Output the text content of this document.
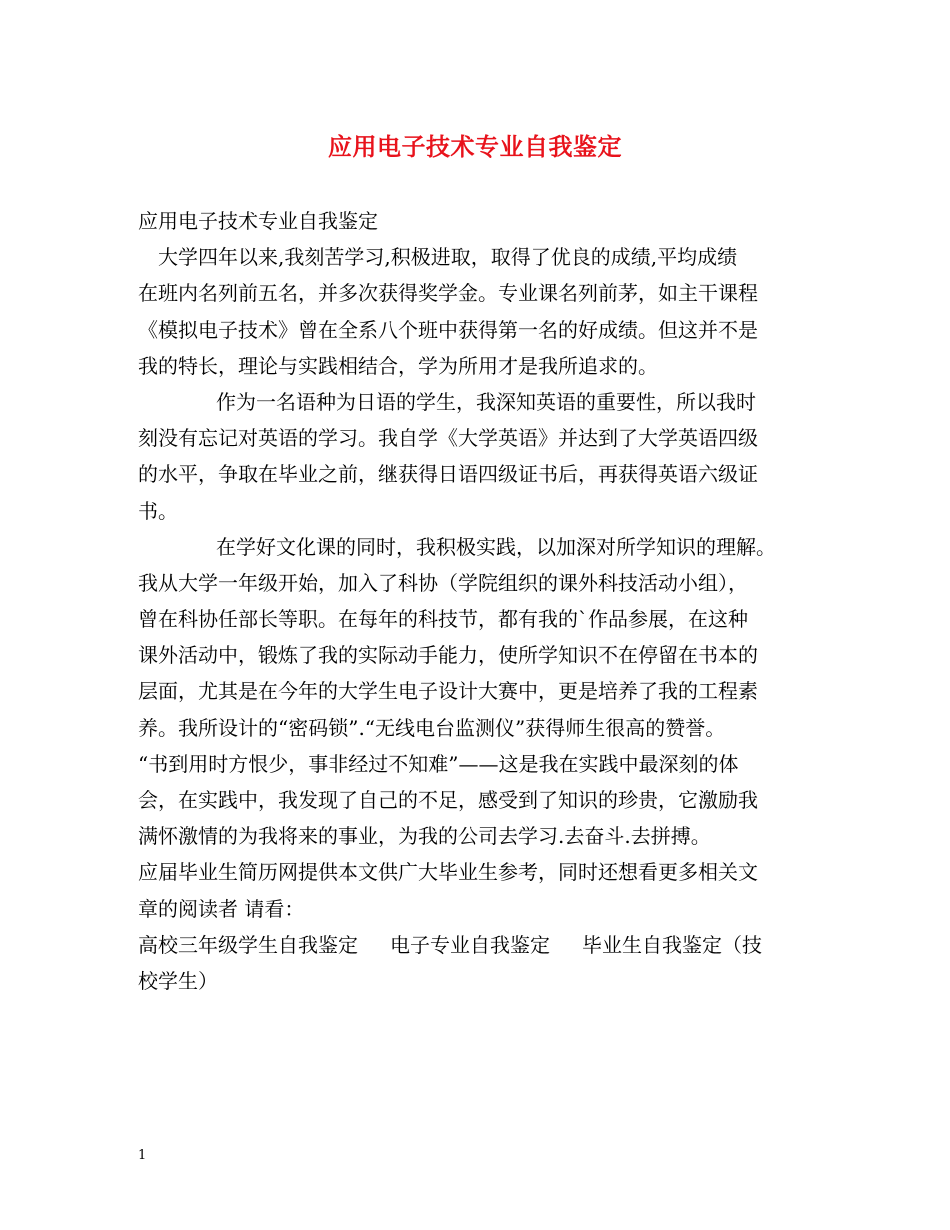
应用电子技术专业自我鉴定
应用电子技术专业自我鉴定
大学四年以来,我刻苦学习,积极进取，取得了优良的成绩,平均成绩
在班内名列前五名，并多次获得奖学金。专业课名列前茅，如主干课程
《模拟电子技术》曾在全系八个班中获得第一名的好成绩。但这并不是
我的特长，理论与实践相结合，学为所用才是我所追求的。
作为一名语种为日语的学生，我深知英语的重要性，所以我时
刻没有忘记对英语的学习。我自学《大学英语》并达到了大学英语四级
的水平，争取在毕业之前，继获得日语四级证书后，再获得英语六级证
书。
在学好文化课的同时，我积极实践，以加深对所学知识的理解。
我从大学一年级开始，加入了科协（学院组织的课外科技活动小组），
曾在科协任部长等职。在每年的科技节，都有我的`作品参展，在这种
课外活动中，锻炼了我的实际动手能力，使所学知识不在停留在书本的
层面，尤其是在今年的大学生电子设计大赛中，更是培养了我的工程素
养。我所设计的“密码锁”.“无线电台监测仪”获得师生很高的赞誉。
“书到用时方恨少，事非经过不知难”——这是我在实践中最深刻的体
会，在实践中，我发现了自己的不足，感受到了知识的珍贵，它激励我
满怀激情的为我将来的事业，为我的公司去学习.去奋斗.去拼搏。
应届毕业生简历网提供本文供广大毕业生参考，同时还想看更多相关文
章的阅读者 请看：
高校三年级学生自我鉴定 电子专业自我鉴定 毕业生自我鉴定（技
校学生）
1
